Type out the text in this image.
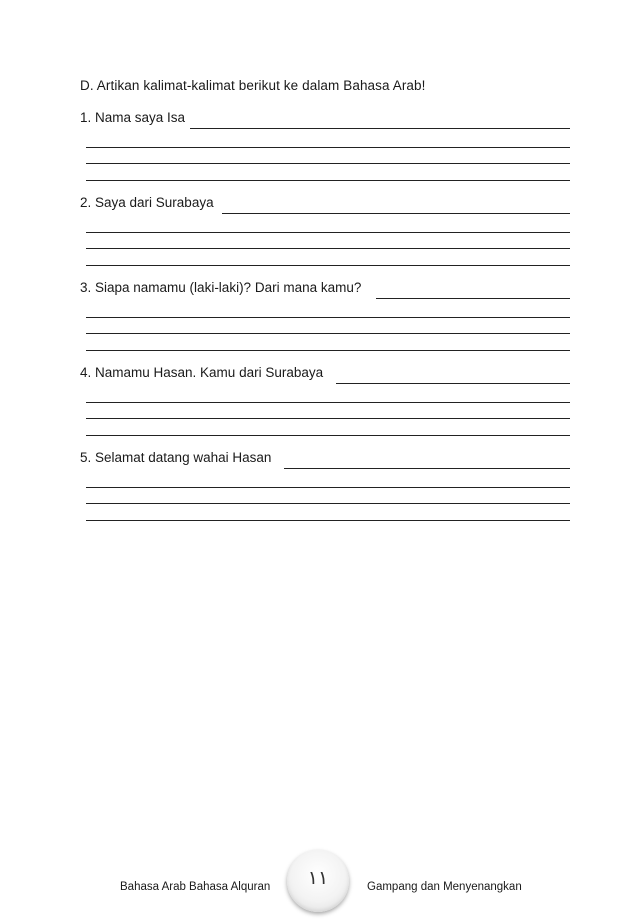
D. Artikan kalimat-kalimat berikut ke dalam Bahasa Arab!
1. Nama saya Isa
2. Saya dari Surabaya
3. Siapa namamu (laki-laki)? Dari mana kamu?
4. Namamu Hasan. Kamu dari Surabaya
5. Selamat datang wahai Hasan
Bahasa Arab Bahasa Alquran	١١	Gampang dan Menyenangkan
